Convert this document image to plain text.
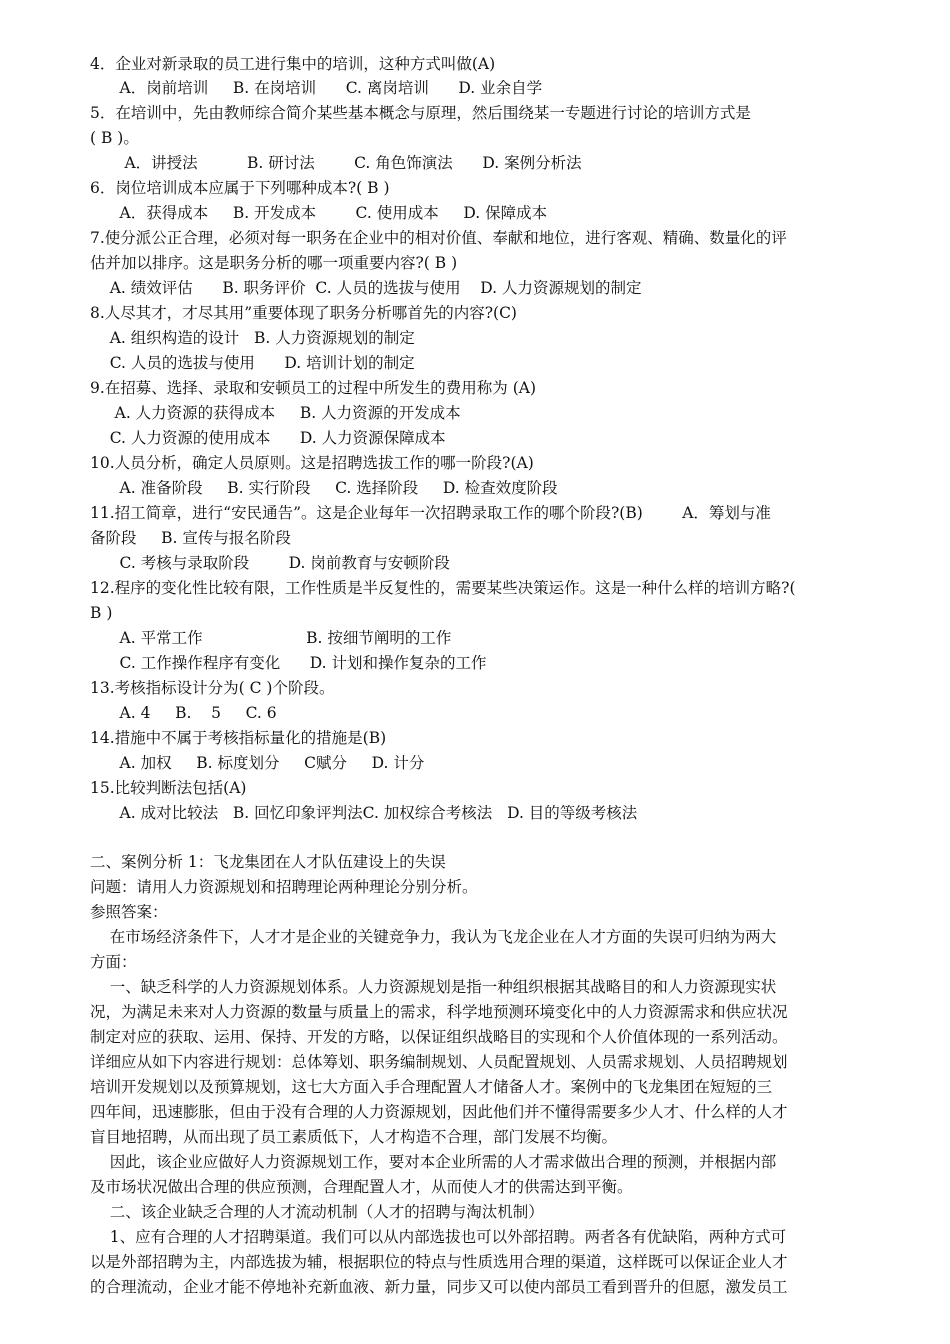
4．企业对新录取的员工进行集中的培训，这种方式叫做(A)
A．岗前培训     B. 在岗培训      C. 离岗培训      D. 业余自学
5．在培训中，先由教师综合简介某些基本概念与原理，然后围绕某一专题进行讨论的培训方式是
( B )。
A．讲授法          B. 研讨法        C. 角色饰演法      D. 案例分析法
6．岗位培训成本应属于下列哪种成本?( B )
A．获得成本     B. 开发成本        C. 使用成本     D. 保障成本
7.使分派公正合理，必须对每一职务在企业中的相对价值、奉献和地位，进行客观、精确、数量化的评
估并加以排序。这是职务分析的哪一项重要内容?( B )
A. 绩效评估      B. 职务评价  C. 人员的选拔与使用    D. 人力资源规划的制定
8.人尽其才，才尽其用”重要体现了职务分析哪首先的内容?(C)
A. 组织构造的设计   B. 人力资源规划的制定
C. 人员的选拔与使用      D. 培训计划的制定
9.在招募、选择、录取和安顿员工的过程中所发生的费用称为 (A)
A. 人力资源的获得成本     B. 人力资源的开发成本
C. 人力资源的使用成本      D. 人力资源保障成本
10.人员分析，确定人员原则。这是招聘选拔工作的哪一阶段?(A)
A. 准备阶段     B. 实行阶段     C. 选择阶段     D. 检查效度阶段
11.招工简章，进行“安民通告”。这是企业每年一次招聘录取工作的哪个阶段?(B)        A．筹划与准
备阶段     B. 宣传与报名阶段
C. 考核与录取阶段        D. 岗前教育与安顿阶段
12.程序的变化性比较有限，工作性质是半反复性的，需要某些决策运作。这是一种什么样的培训方略?(
B )
A. 平常工作                     B. 按细节阐明的工作
C. 工作操作程序有变化      D. 计划和操作复杂的工作
13.考核指标设计分为( C )个阶段。
A. 4     B.    5     C. 6
14.措施中不属于考核指标量化的措施是(B)
A. 加权     B. 标度划分     C赋分     D. 计分
15.比较判断法包括(A)
A. 成对比较法   B. 回忆印象评判法C. 加权综合考核法   D. 目的等级考核法
二、案例分析 1：飞龙集团在人才队伍建设上的失误
问题：请用人力资源规划和招聘理论两种理论分别分析。
参照答案：
在市场经济条件下，人才才是企业的关键竞争力，我认为飞龙企业在人才方面的失误可归纳为两大
方面：
一、缺乏科学的人力资源规划体系。人力资源规划是指一种组织根据其战略目的和人力资源现实状
况，为满足未来对人力资源的数量与质量上的需求，科学地预测环境变化中的人力资源需求和供应状况
制定对应的获取、运用、保持、开发的方略，以保证组织战略目的实现和个人价值体现的一系列活动。
详细应从如下内容进行规划：总体筹划、职务编制规划、人员配置规划、人员需求规划、人员招聘规划
培训开发规划以及预算规划，这七大方面入手合理配置人才储备人才。案例中的飞龙集团在短短的三
四年间，迅速膨胀，但由于没有合理的人力资源规划，因此他们并不懂得需要多少人才、什么样的人才
盲目地招聘，从而出现了员工素质低下，人才构造不合理，部门发展不均衡。
因此，该企业应做好人力资源规划工作，要对本企业所需的人才需求做出合理的预测，并根据内部
及市场状况做出合理的供应预测，合理配置人才，从而使人才的供需达到平衡。
二、该企业缺乏合理的人才流动机制（人才的招聘与淘汰机制）
1、应有合理的人才招聘渠道。我们可以从内部选拔也可以外部招聘。两者各有优缺陷，两种方式可
以是外部招聘为主，内部选拔为辅，根据职位的特点与性质选用合理的渠道，这样既可以保证企业人才
的合理流动，企业才能不停地补充新血液、新力量，同步又可以使内部员工看到晋升的但愿，激发员工
